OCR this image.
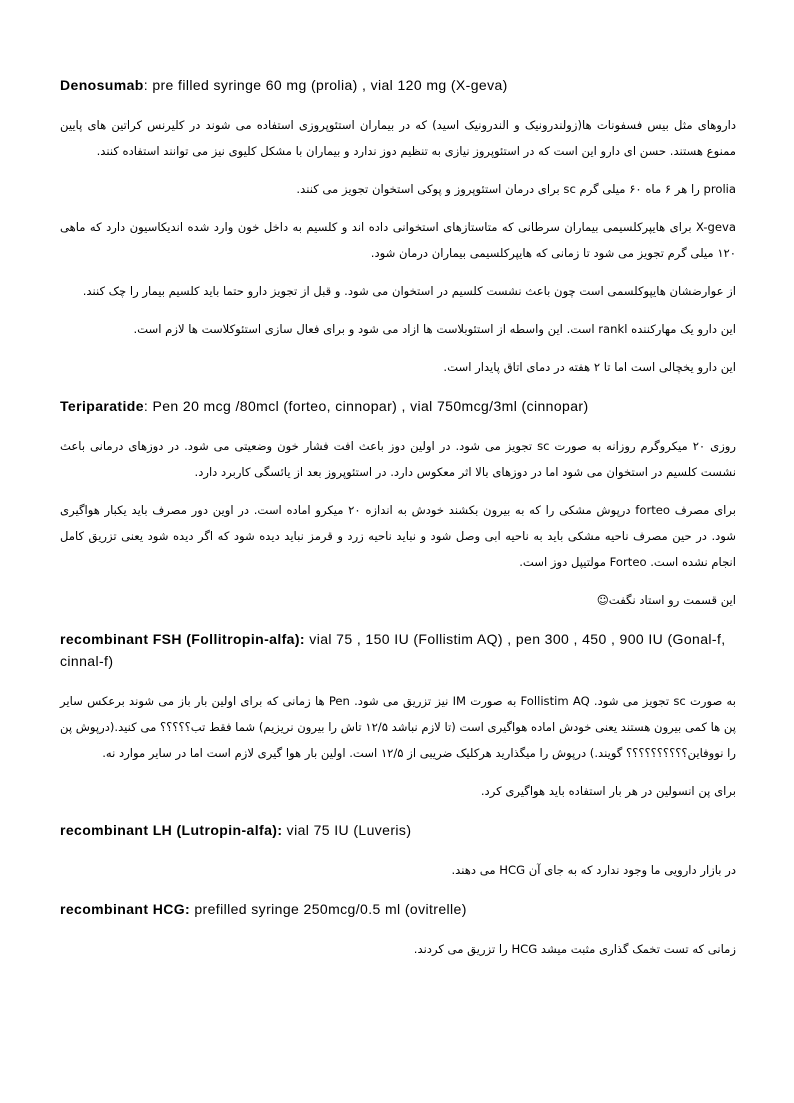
Denosumab: pre filled syringe 60 mg (prolia) , vial 120 mg (X-geva)

داروهای مثل بیس فسفونات ها(زولندرونیک و الندرونیک اسید) که در بیماران استئوپروزی استفاده می شوند در کلیرنس کراتین های پایین ممنوع هستند. حسن ای دارو این است که در استئوپروز نیازی به تنظیم دوز ندارد و بیماران با مشکل کلیوی نیز می توانند استفاده کنند.

prolia را هر ۶ ماه ۶۰ میلی گرم sc برای درمان استئوپروز و پوکی استخوان تجویز می کنند.

X-geva برای هایپرکلسیمی بیماران سرطانی که متاستازهای استخوانی داده اند و کلسیم به داخل خون وارد شده اندیکاسیون دارد که ماهی ۱۲۰ میلی گرم تجویز می شود تا زمانی که هایپرکلسیمی بیماران درمان شود.

از عوارضشان هایپوکلسمی است چون باعث نشست کلسیم در استخوان می شود. و قبل از تجویز دارو حتما باید کلسیم بیمار را چک کنند.

این دارو یک مهارکننده rankl است. این واسطه از استئوبلاست ها ازاد می شود و برای فعال سازی استئوکلاست ها لازم است.

این دارو یخچالی است اما تا ۲ هفته در دمای اتاق پایدار است.

Teriparatide: Pen 20 mcg /80mcl (forteo, cinnopar) , vial 750mcg/3ml (cinnopar)

روزی ۲۰ میکروگرم روزانه به صورت sc تجویز می شود. در اولین دوز باعث افت فشار خون وضعیتی می شود. در دوزهای درمانی باعث نشست کلسیم در استخوان می شود اما در دوزهای بالا اثر معکوس دارد. در استئوپروز بعد از یائسگی کاربرد دارد.

برای مصرف forteo درپوش مشکی را که به بیرون بکشند خودش به اندازه ۲۰ میکرو اماده است. در اوین دور مصرف باید یکبار هواگیری شود. در حین مصرف ناحیه مشکی باید به ناحیه ابی وصل شود و نباید ناحیه زرد و قرمز نباید دیده شود که اگر دیده شود یعنی تزریق کامل انجام نشده است. Forteo مولتیپل دوز است.

این قسمت رو استاد نگفت☺

recombinant FSH (Follitropin-alfa): vial 75 , 150 IU (Follistim AQ) , pen 300 , 450 , 900 IU (Gonal-f, cinnal-f)

به صورت sc تجویز می شود. Follistim AQ به صورت IM نیز تزریق می شود. Pen ها زمانی که برای اولین بار باز می شوند برعکس سایر پن ها کمی بیرون هستند یعنی خودش اماده هواگیری است (تا لازم نباشد ۱۲/۵ تاش را بیرون نریزیم) شما فقط تب؟؟؟؟؟ می کنید.(درپوش پن را نووفاین؟؟؟؟؟؟؟؟؟؟ گویند.) درپوش را میگذارید هرکلیک ضریبی از ۱۲/۵ است. اولین بار هوا گیری لازم است اما در سایر موارد نه.

برای پن انسولین در هر بار استفاده باید هواگیری کرد.

recombinant LH (Lutropin-alfa): vial 75 IU (Luveris)

در بازار دارویی ما وجود ندارد که به جای آن HCG می دهند.

recombinant HCG: prefilled syringe 250mcg/0.5 ml (ovitrelle)

زمانی که تست تخمک گذاری مثبت میشد HCG را تزریق می کردند.
